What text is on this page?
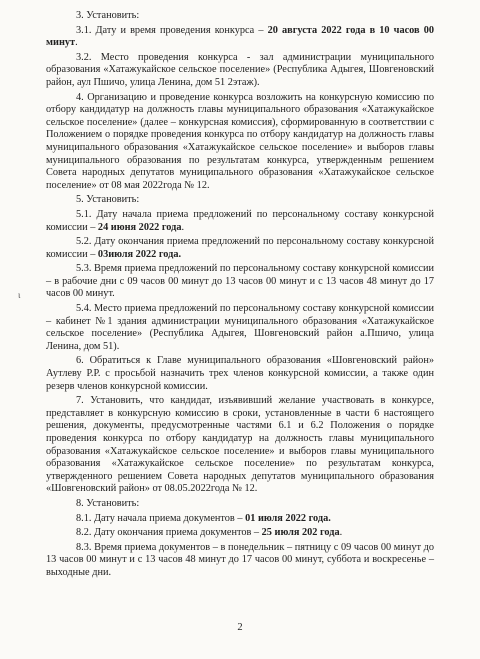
ι

3. Установить:

3.1. Дату и время проведения конкурса – 20 августа 2022 года в 10 часов 00 минут.

3.2. Место проведения конкурса - зал администрации муниципального образования «Хатажукайское сельское поселение» (Республика Адыгея, Шовгеновский район, аул Пшичо, улица Ленина, дом 51 2этаж).

4. Организацию и проведение конкурса возложить на конкурсную комиссию по отбору кандидатур на должность главы муниципального образования «Хатажукайское сельское поселение» (далее – конкурсная комиссия), сформированную в соответствии с Положением о порядке проведения конкурса по отбору кандидатур на должность главы муниципального образования «Хатажукайское сельское поселение» и выборов главы муниципального образования по результатам конкурса, утвержденным решением Совета народных депутатов муниципального образования «Хатажукайское сельское поселение» от 08 мая 2022года № 12.

5. Установить:

5.1. Дату начала приема предложений по персональному составу конкурсной комиссии – 24 июня 2022 года.

5.2. Дату окончания приема предложений по персональному составу конкурсной комиссии – 03июля 2022 года.

5.3. Время приема предложений по персональному составу конкурсной комиссии – в рабочие дни с 09 часов 00 минут до 13 часов 00 минут и с 13 часов 48 минут до 17 часов 00 минут.

5.4. Место приема предложений по персональному составу конкурсной комиссии – кабинет №1 здания администрации муниципального образования «Хатажукайское сельское поселение» (Республика Адыгея, Шовгеновский район а.Пшичо, улица Ленина, дом 51).

6. Обратиться к Главе муниципального образования «Шовгеновский район» Аутлеву Р.Р. с просьбой назначить трех членов конкурсной комиссии, а также один резерв членов конкурсной комиссии.

7. Установить, что кандидат, изъявивший желание участвовать в конкурсе, представляет в конкурсную комиссию в сроки, установленные в части 6 настоящего решения, документы, предусмотренные частями 6.1 и 6.2 Положения о порядке проведения конкурса по отбору кандидатур на должность главы муниципального образования «Хатажукайское сельское поселение» и выборов главы муниципального образования «Хатажукайское сельское поселение» по результатам конкурса, утвержденного решением Совета народных депутатов муниципального образования «Шовгеновский район» от 08.05.2022года № 12.

8. Установить:

8.1. Дату начала приема документов – 01 июля 2022 года.

8.2. Дату окончания приема документов – 25 июля 202 года.

8.3. Время приема документов – в понедельник – пятницу с 09 часов 00 минут до 13 часов 00 минут и с 13 часов 48 минут до 17 часов 00 минут, суббота и воскресенье – выходные дни.

2
